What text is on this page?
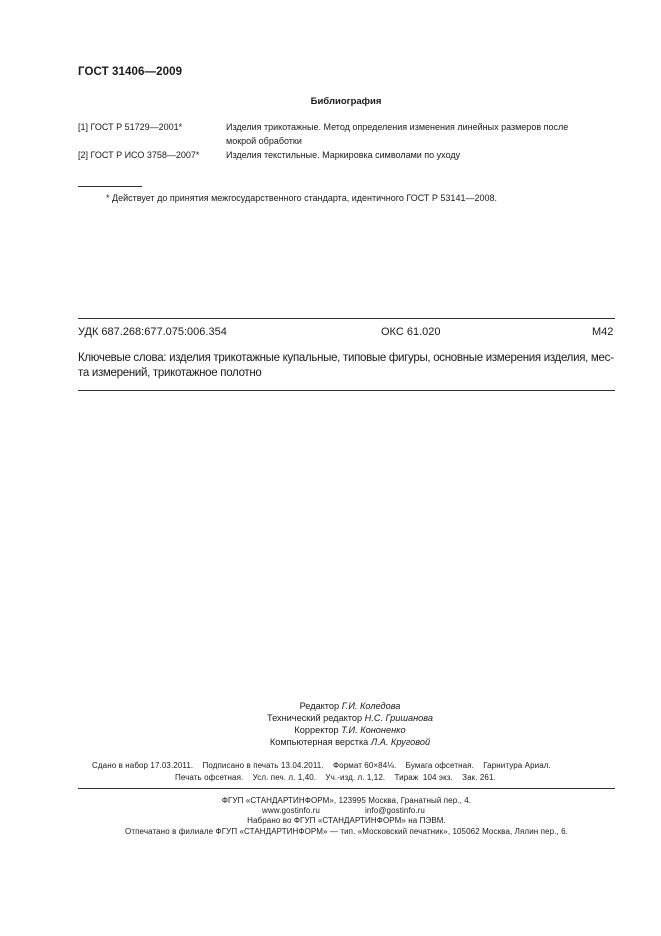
ГОСТ 31406—2009
Библиография
[1] ГОСТ Р 51729—2001*	Изделия трикотажные. Метод определения изменения линейных размеров после
мокрой обработки
[2] ГОСТ Р ИСО 3758—2007*	Изделия текстильные. Маркировка символами по уходу
* Действует до принятия межгосударственного стандарта, идентичного ГОСТ Р 53141—2008.
УДК 687.268:677.075:006.354	ОКС 61.020	М42
Ключевые слова: изделия трикотажные купальные, типовые фигуры, основные измерения изделия, мес-
та измерений, трикотажное полотно
Редактор Г.И. Коледова
Технический редактор Н.С. Гришанова
Корректор Т.И. Кононенко
Компьютерная верстка Л.А. Круговой
Сдано в набор 17.03.2011.    Подписано в печать 13.04.2011.    Формат 60×84⅛.    Бумага офсетная.    Гарнитура Ариал.
Печать офсетная.    Усл. печ. л. 1,40.    Уч.-изд. л. 1,12.    Тираж  104 экз.    Зак. 261.
ФГУП «СТАНДАРТИНФОРМ», 123995 Москва, Гранатный пер., 4.
www.gostinfo.ru	info@gostinfo.ru
Набрано во ФГУП «СТАНДАРТИНФОРМ» на ПЭВМ.
Отпечатано в филиале ФГУП «СТАНДАРТИНФОРМ» — тип. «Московский печатник», 105062 Москва, Лялин пер., 6.
